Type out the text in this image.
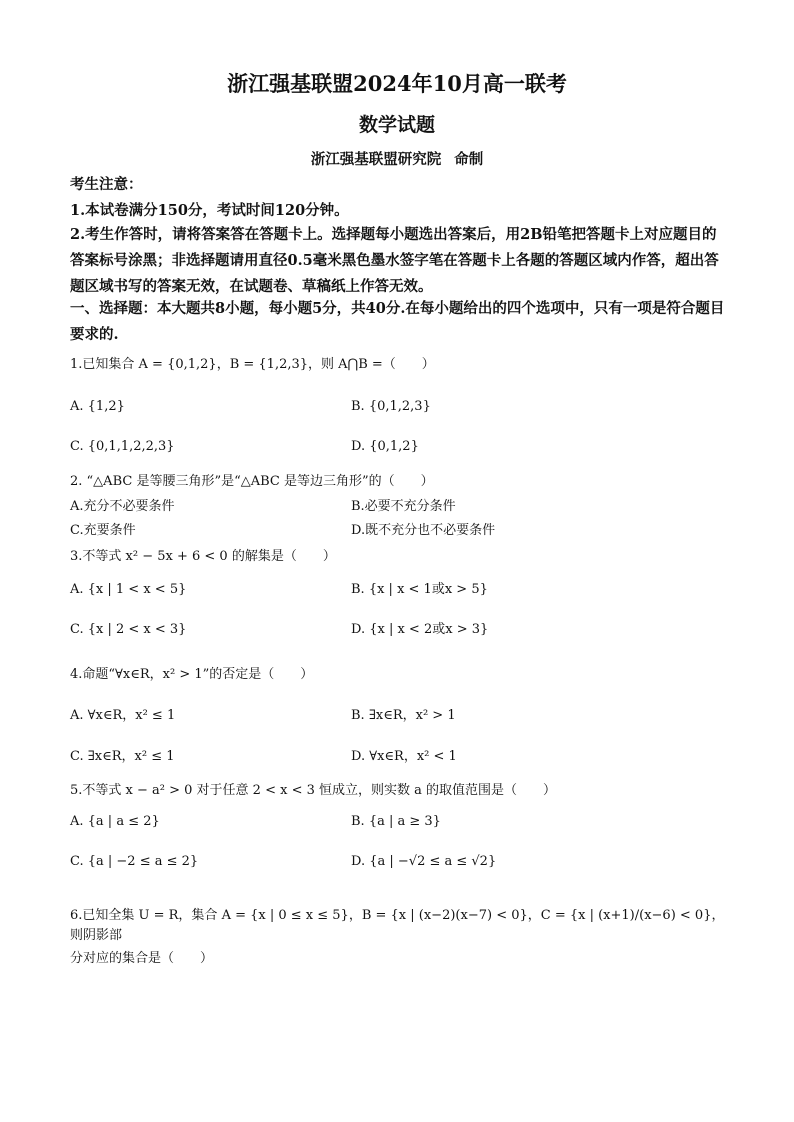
浙江强基联盟2024年10月高一联考
数学试题
浙江强基联盟研究院 命制
考生注意：
1.本试卷满分150分，考试时间120分钟。
2.考生作答时，请将答案答在答题卡上。选择题每小题选出答案后，用2B铅笔把答题卡上对应题目的答案标号涂黑；非选择题请用直径0.5毫米黑色墨水签字笔在答题卡上各题的答题区域内作答，超出答题区域书写的答案无效，在试题卷、草稿纸上作答无效。
一、选择题：本大题共8小题，每小题5分，共40分.在每小题给出的四个选项中，只有一项是符合题目要求的.
1.已知集合 A = {0,1,2}，B = {1,2,3}，则 A⋂B =（　　）
A. {1,2}	B. {0,1,2,3}
C. {0,1,1,2,2,3}	D. {0,1,2}
2. “△ABC 是等腰三角形”是“△ABC 是等边三角形”的（　　）
A.充分不必要条件	B.必要不充分条件
C.充要条件	D.既不充分也不必要条件
3.不等式 x² − 5x + 6 < 0 的解集是（　　）
A. {x | 1 < x < 5}	B. {x | x < 1或x > 5}
C. {x | 2 < x < 3}	D. {x | x < 2或x > 3}
4.命题“∀x∈R，x² > 1”的否定是（　　）
A. ∀x∈R，x² ≤ 1	B. ∃x∈R，x² > 1
C. ∃x∈R，x² ≤ 1	D. ∀x∈R，x² < 1
5.不等式 x − a² > 0 对于任意 2 < x < 3 恒成立，则实数 a 的取值范围是（　　）
A. {a | a ≤ 2}	B. {a | a ≥ 3}
C. {a | −2 ≤ a ≤ 2}	D. {a | −√2 ≤ a ≤ √2}
6.已知全集 U = R，集合 A = {x | 0 ≤ x ≤ 5}，B = {x | (x−2)(x−7) < 0}，C = {x | (x+1)/(x−6) < 0}，则阴影部
分对应的集合是（　　）
